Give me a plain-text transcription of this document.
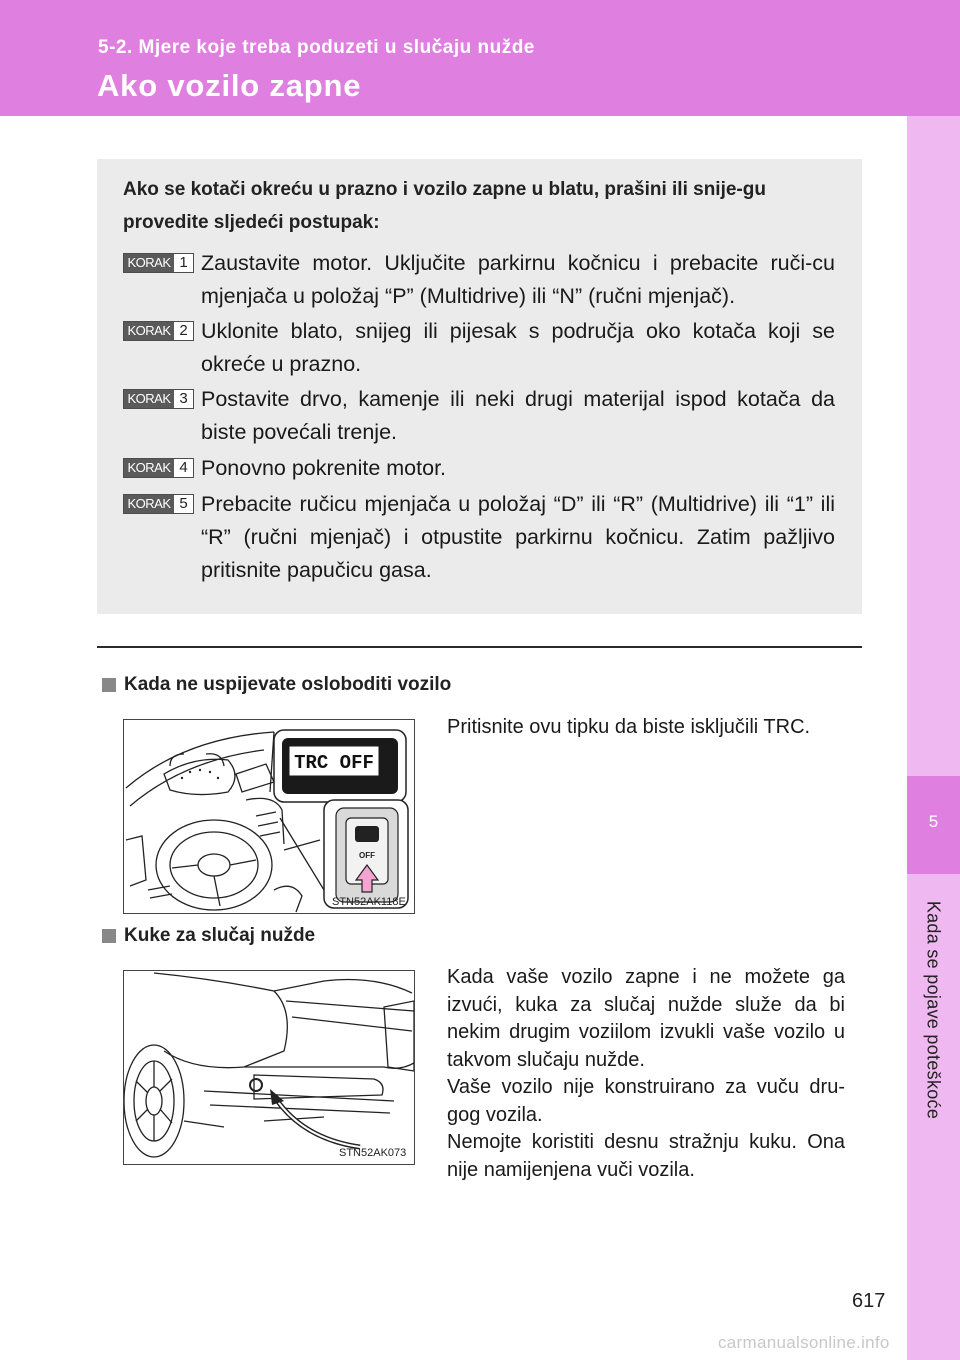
5-2. Mjere koje treba poduzeti u slučaju nužde
Ako vozilo zapne
5
Kada se pojave poteškoće
Ako se kotači okreću u prazno i vozilo zapne u blatu, prašini ili snije-gu provedite sljedeći postupak:
KORAK 1 Zaustavite motor. Uključite parkirnu kočnicu i prebacite ruči-cu mjenjača u položaj “P” (Multidrive) ili “N” (ručni mjenjač).
KORAK 2 Uklonite blato, snijeg ili pijesak s područja oko kotača koji se okreće u prazno.
KORAK 3 Postavite drvo, kamenje ili neki drugi materijal ispod kotača da biste povećali trenje.
KORAK 4 Ponovno pokrenite motor.
KORAK 5 Prebacite ručicu mjenjača u položaj “D” ili “R” (Multidrive) ili “1” ili “R” (ručni mjenjač) i otpustite parkirnu kočnicu. Zatim pažljivo pritisnite papučicu gasa.
Kada ne uspijevate osloboditi vozilo
TRC OFF
OFF
STN52AK118E

Pritisnite ovu tipku da biste isključili TRC.

Kuke za slučaj nužde
STN52AK073

Kada vaše vozilo zapne i ne možete ga izvući, kuka za slučaj nužde služe da bi nekim drugim voziilom izvukli vaše vozilo u takvom slučaju nužde.

Vaše vozilo nije konstruirano za vuču dru-gog vozila.

Nemojte koristiti desnu stražnju kuku. Ona nije namijenjena vuči vozila.

617
carmanualsonline.info
